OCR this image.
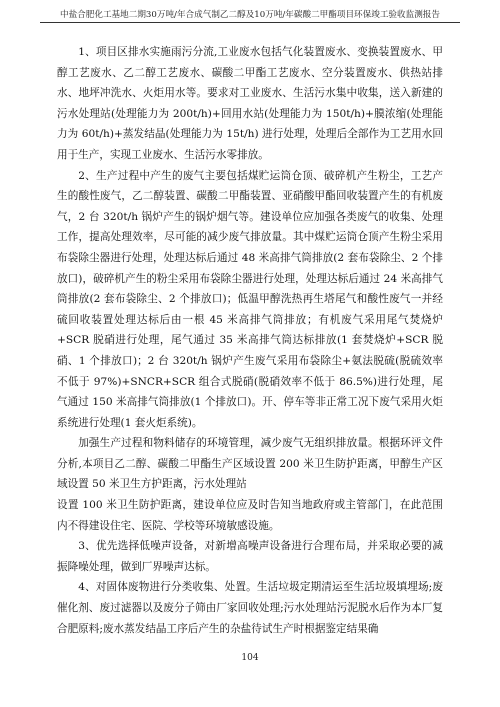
中盐合肥化工基地二期30万吨/年合成气制乙二醇及10万吨/年碳酸二甲酯项目环保竣工验收监测报告

1、项目区排水实施雨污分流,工业废水包括气化装置废水、变换装置废水、甲醇工艺废水、乙二醇工艺废水、碳酸二甲酯工艺废水、空分装置废水、供热站排水、地坪冲洗水、火炬用水等。要求对工业废水、生活污水集中收集，送入新建的污水处理站(处理能力为 200t/h)+回用水站(处理能力为 150t/h)+膜浓缩(处理能力为 60t/h)+蒸发结晶(处理能力为 15t/h) 进行处理，处理后全部作为工艺用水回用于生产，实现工业废水、生活污水零排放。

2、生产过程中产生的废气主要包括煤贮运筒仓顶、破碎机产生粉尘，工艺产生的酸性废气，乙二醇装置、碳酸二甲酯装置、亚硝酸甲酯回收装置产生的有机废气，2 台 320t/h 锅炉产生的锅炉烟气等。建设单位应加强各类废气的收集、处理工作，提高处理效率，尽可能的减少废气排放量。其中煤贮运筒仓顶产生粉尘采用布袋除尘器进行处理，处理达标后通过 48 米高排气筒排放(2 套布袋除尘、2 个排放口)，破碎机产生的粉尘采用布袋除尘器进行处理，处理达标后通过 24 米高排气筒排放(2 套布袋除尘、2 个排放口)；低温甲醇洗热再生塔尾气和酸性废气一并经硫回收装置处理达标后由一根 45 米高排气筒排放；有机废气采用尾气焚烧炉+SCR 脱硝进行处理，尾气通过 35 米高排气筒达标排放(1 套焚烧炉+SCR 脱硝、1 个排放口)；2 台 320t/h 锅炉产生废气采用布袋除尘+氨法脱硫(脱硫效率不低于 97%)+SNCR+SCR 组合式脱硝(脱硝效率不低于 86.5%)进行处理，尾气通过 150 米高排气筒排放(1 个排放口)。开、停车等非正常工况下废气采用火炬系统进行处理(1 套火炬系统)。

加强生产过程和物料储存的环境管理，减少废气无组织排放量。根据环评文件分析,本项目乙二醇、碳酸二甲酯生产区域设置 200 米卫生防护距离，甲醇生产区域设置 50 米卫生方护距离，污水处理站

设置 100 米卫生防护距离，建设单位应及时告知当地政府或主管部门，在此范围内不得建设住宅、医院、学校等环境敏感设施。

3、优先选择低噪声设备，对新增高噪声设备进行合理布局，并采取必要的减振降噪处理，做到厂界噪声达标。

4、对固体废物进行分类收集、处置。生活垃圾定期清运至生活垃圾填埋场;废催化剂、废过滤器以及废分子筛由厂家回收处理;污水处理站污泥脱水后作为本厂复合肥原料;废水蒸发结晶工序后产生的杂盐待试生产时根据鉴定结果确

104
